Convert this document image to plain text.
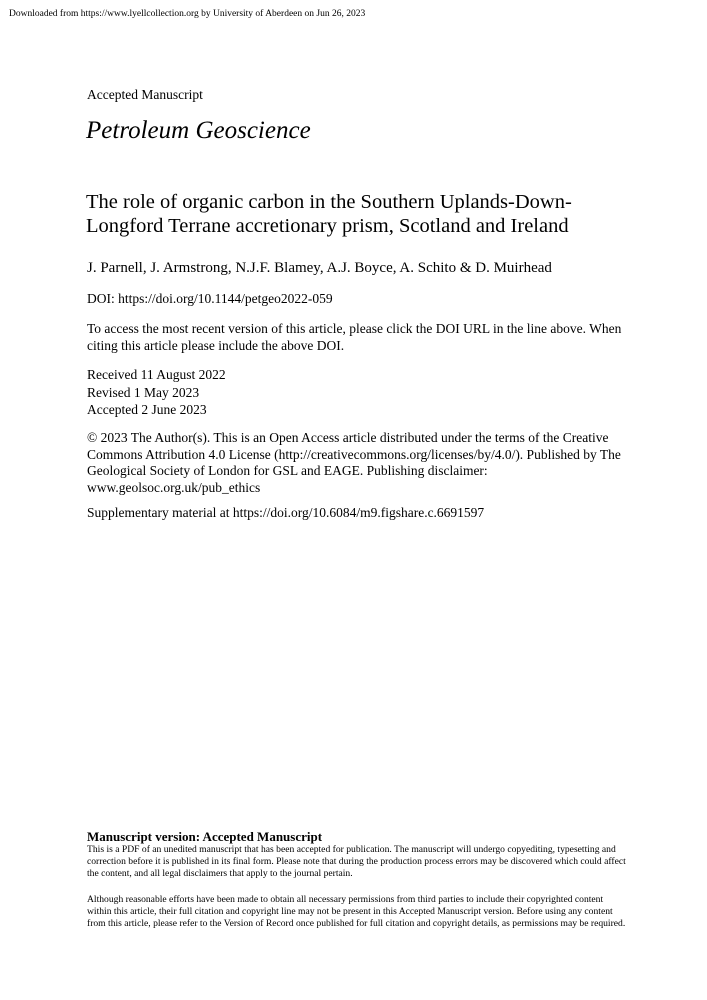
Downloaded from https://www.lyellcollection.org by University of Aberdeen on Jun 26, 2023
Accepted Manuscript
Petroleum Geoscience
The role of organic carbon in the Southern Uplands-Down-Longford Terrane accretionary prism, Scotland and Ireland
J. Parnell, J. Armstrong, N.J.F. Blamey, A.J. Boyce, A. Schito & D. Muirhead
DOI: https://doi.org/10.1144/petgeo2022-059
To access the most recent version of this article, please click the DOI URL in the line above. When citing this article please include the above DOI.
Received 11 August 2022
Revised 1 May 2023
Accepted 2 June 2023
© 2023 The Author(s). This is an Open Access article distributed under the terms of the Creative Commons Attribution 4.0 License (http://creativecommons.org/licenses/by/4.0/). Published by The Geological Society of London for GSL and EAGE. Publishing disclaimer: www.geolsoc.org.uk/pub_ethics
Supplementary material at https://doi.org/10.6084/m9.figshare.c.6691597
Manuscript version: Accepted Manuscript
This is a PDF of an unedited manuscript that has been accepted for publication. The manuscript will undergo copyediting, typesetting and correction before it is published in its final form. Please note that during the production process errors may be discovered which could affect the content, and all legal disclaimers that apply to the journal pertain.
Although reasonable efforts have been made to obtain all necessary permissions from third parties to include their copyrighted content within this article, their full citation and copyright line may not be present in this Accepted Manuscript version. Before using any content from this article, please refer to the Version of Record once published for full citation and copyright details, as permissions may be required.
